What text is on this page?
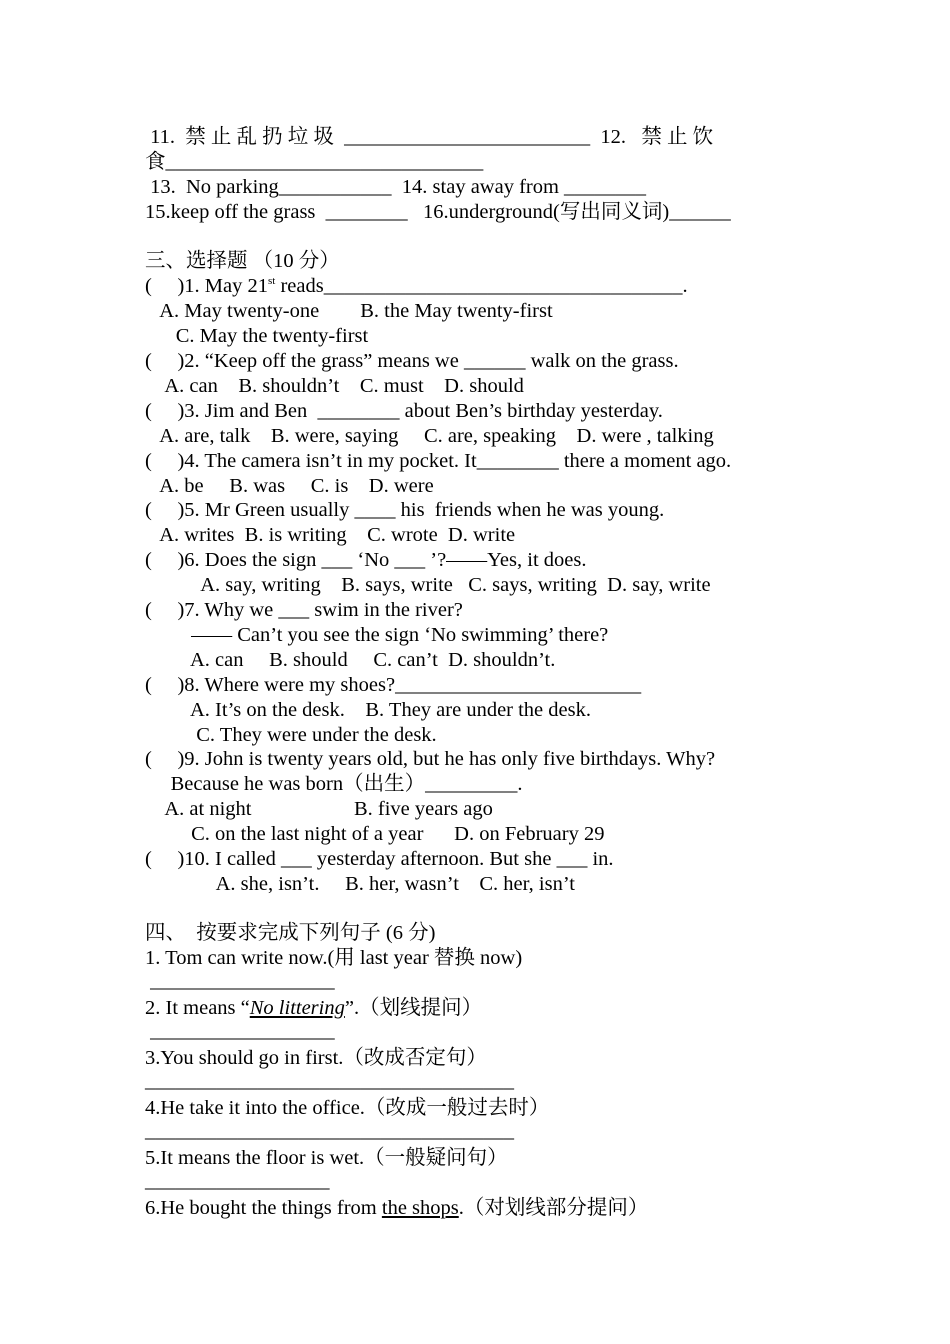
11.  禁 止 乱 扔 垃 圾  ________________________  12.   禁 止 饮
食_______________________________
13.  No parking___________  14. stay away from ________
15.keep off the grass  ________   16.underground(写出同义词)______
三、选择题 （10 分）
(     )1. May 21st reads___________________________________.
A. May twenty-one        B. the May twenty-first
C. May the twenty-first
(     )2. “Keep off the grass” means we ______ walk on the grass.
A. can    B. shouldn’t    C. must    D. should
(     )3. Jim and Ben  ________ about Ben’s birthday yesterday.
A. are, talk    B. were, saying     C. are, speaking    D. were , talking
(     )4. The camera isn’t in my pocket. It________ there a moment ago.
A. be     B. was     C. is    D. were
(     )5. Mr Green usually ____ his  friends when he was young.
A. writes  B. is writing    C. wrote  D. write
(     )6. Does the sign ___ ‘No ___ ’?——Yes, it does.
A. say, writing    B. says, write   C. says, writing  D. say, write
(     )7. Why we ___ swim in the river?
—— Can’t you see the sign ‘No swimming’ there?
A. can     B. should     C. can’t  D. shouldn’t.
(     )8. Where were my shoes?________________________
A. It’s on the desk.    B. They are under the desk.
C. They were under the desk.
(     )9. John is twenty years old, but he has only five birthdays. Why?
Because he was born（出生）_________.
A. at night                    B. five years ago
C. on the last night of a year      D. on February 29
(     )10. I called ___ yesterday afternoon. But she ___ in.
A. she, isn’t.     B. her, wasn’t    C. her, isn’t
四、  按要求完成下列句子 (6 分)
1. Tom can write now.(用 last year 替换 now)
__________________
2. It means “No littering”.（划线提问）
__________________
3.You should go in first.（改成否定句）
____________________________________
4.He take it into the office.（改成一般过去时）
____________________________________
5.It means the floor is wet.（一般疑问句）
__________________
6.He bought the things from the shops.（对划线部分提问）
